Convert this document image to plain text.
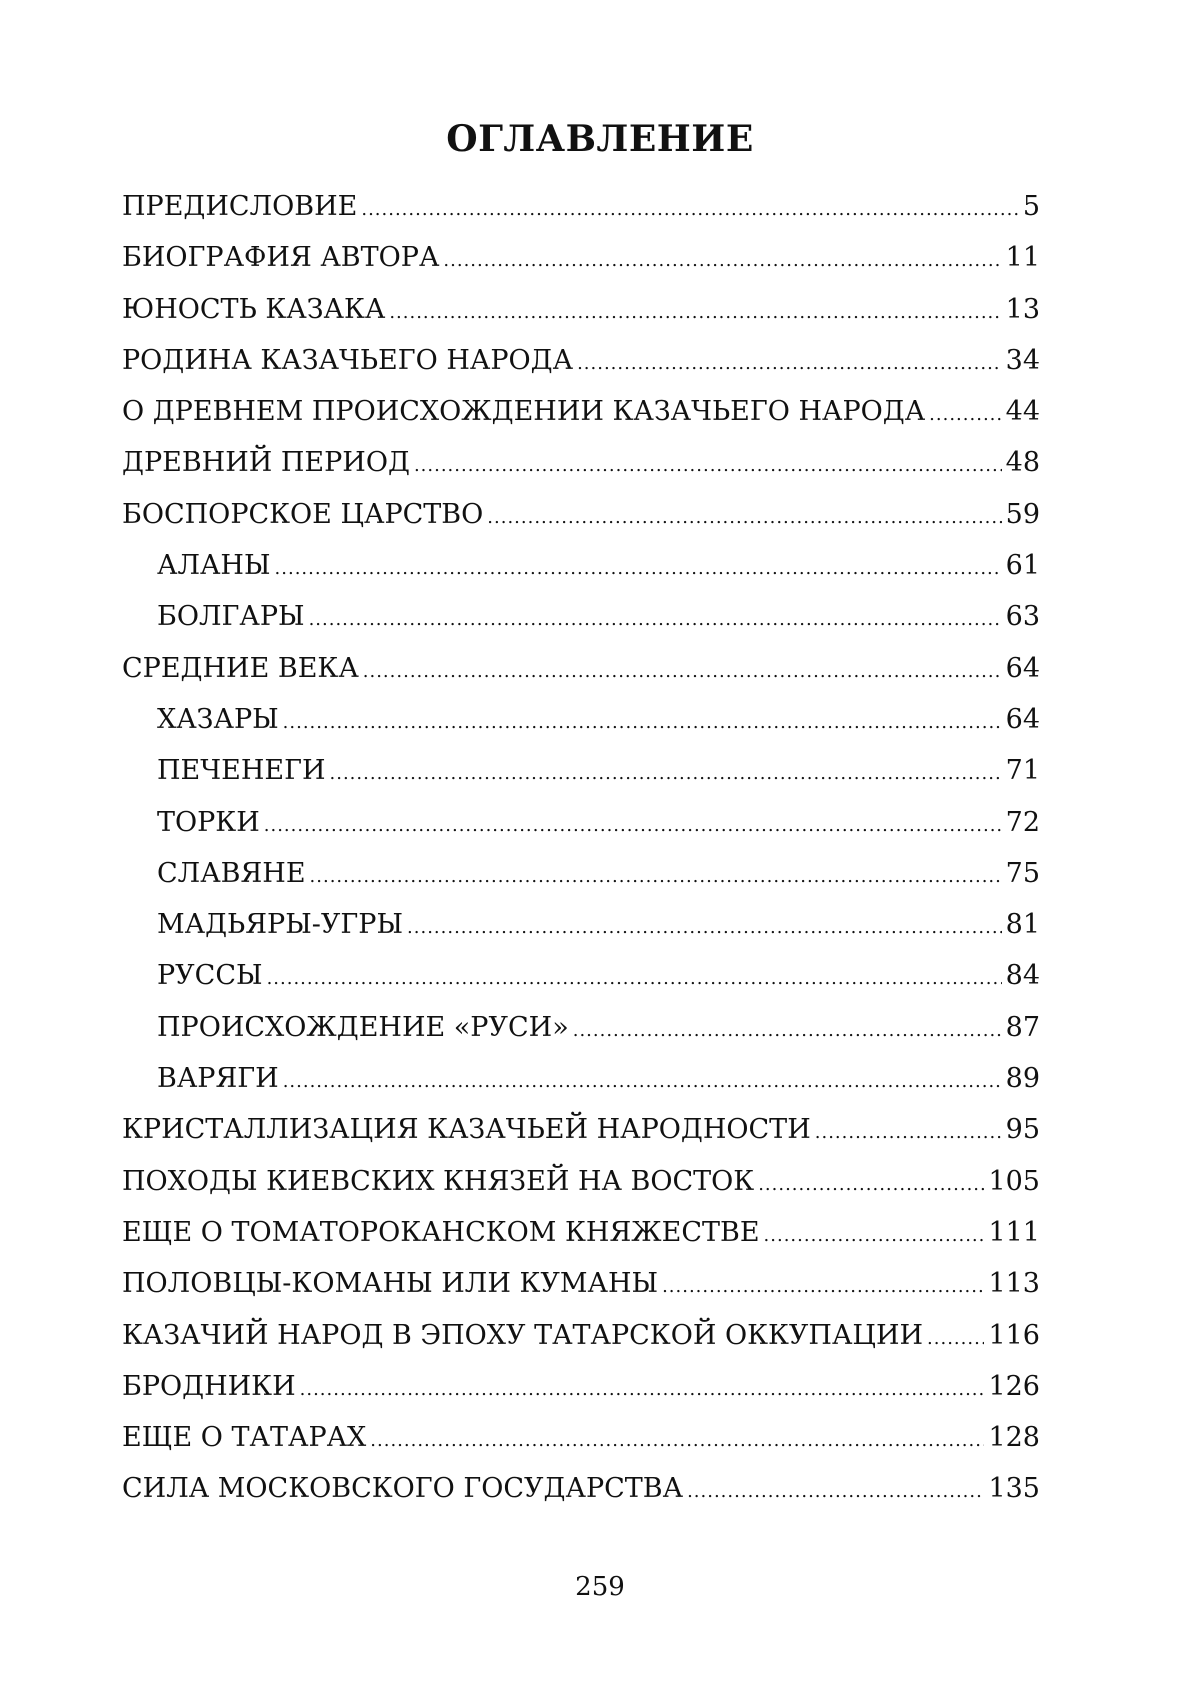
ОГЛАВЛЕНИЕ
ПРЕДИСЛОВИЕ .....	5
БИОГРАФИЯ АВТОРА .....	11
ЮНОСТЬ КАЗАКА .....	13
РОДИНА КАЗАЧЬЕГО НАРОДА .....	34
О ДРЕВНЕМ ПРОИСХОЖДЕНИИ КАЗАЧЬЕГО НАРОДА .....	44
ДРЕВНИЙ ПЕРИОД .....	48
БОСПОРСКОЕ ЦАРСТВО .....	59
АЛАНЫ .....	61
БОЛГАРЫ .....	63
СРЕДНИЕ ВЕКА .....	64
ХАЗАРЫ .....	64
ПЕЧЕНЕГИ .....	71
ТОРКИ .....	72
СЛАВЯНЕ .....	75
МАДЬЯРЫ-УГРЫ .....	81
РУССЫ .....	84
ПРОИСХОЖДЕНИЕ «РУСИ» .....	87
ВАРЯГИ .....	89
КРИСТАЛЛИЗАЦИЯ КАЗАЧЬЕЙ НАРОДНОСТИ .....	95
ПОХОДЫ КИЕВСКИХ КНЯЗЕЙ НА ВОСТОК .....	105
ЕЩЕ О ТОМАТОРОКАНСКОМ КНЯЖЕСТВЕ .....	111
ПОЛОВЦЫ-КОМАНЫ ИЛИ КУМАНЫ .....	113
КАЗАЧИЙ НАРОД В ЭПОХУ ТАТАРСКОЙ ОККУПАЦИИ ..... 116
БРОДНИКИ .....	126
ЕЩЕ О ТАТАРАХ .....	128
СИЛА МОСКОВСКОГО ГОСУДАРСТВА .....	135
259
